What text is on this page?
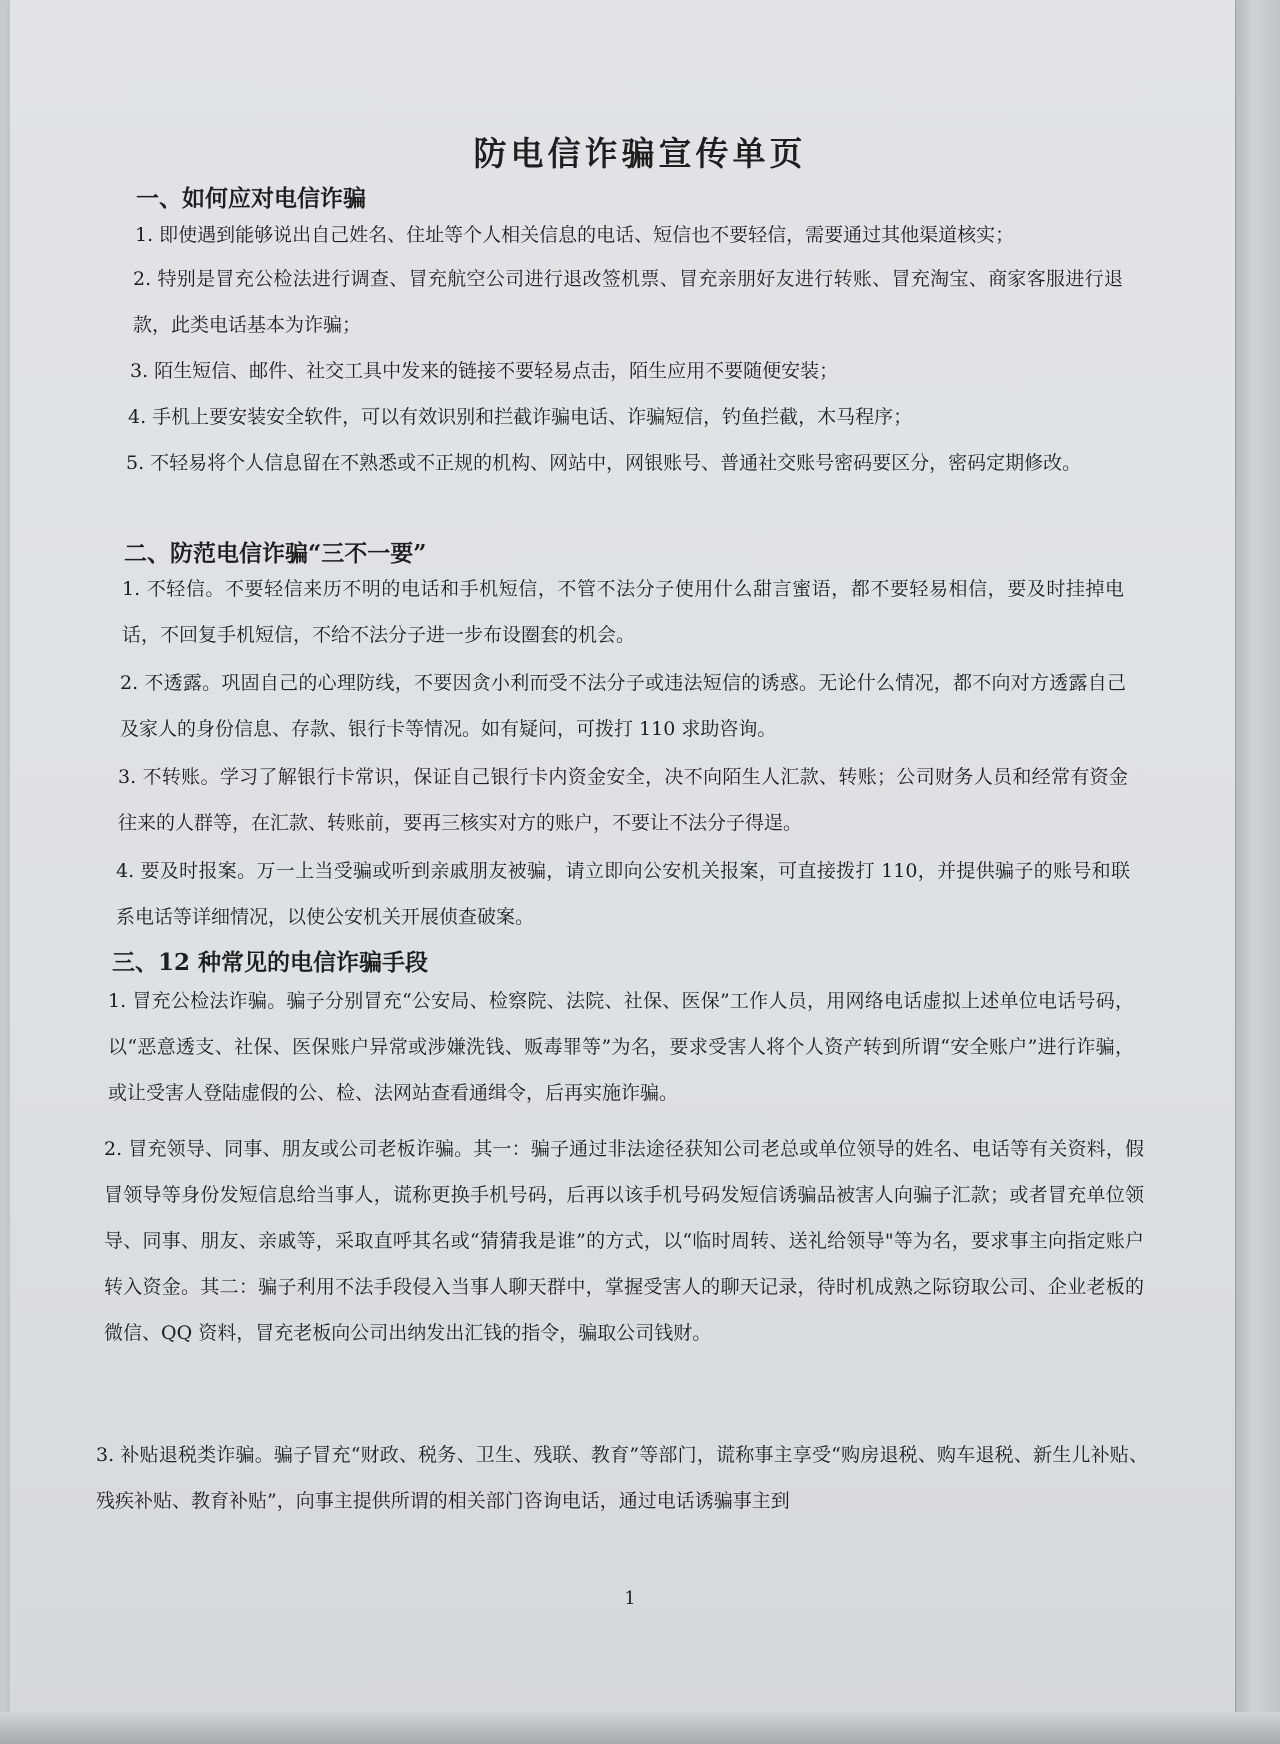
防电信诈骗宣传单页
一、如何应对电信诈骗
1. 即使遇到能够说出自己姓名、住址等个人相关信息的电话、短信也不要轻信，需要通过其他渠道核实；
2. 特别是冒充公检法进行调查、冒充航空公司进行退改签机票、冒充亲朋好友进行转账、冒充淘宝、商家客服进行退款，此类电话基本为诈骗；
3. 陌生短信、邮件、社交工具中发来的链接不要轻易点击，陌生应用不要随便安装；
4. 手机上要安装安全软件，可以有效识别和拦截诈骗电话、诈骗短信，钓鱼拦截，木马程序；
5. 不轻易将个人信息留在不熟悉或不正规的机构、网站中，网银账号、普通社交账号密码要区分，密码定期修改。
二、防范电信诈骗“三不一要”
1. 不轻信。不要轻信来历不明的电话和手机短信，不管不法分子使用什么甜言蜜语，都不要轻易相信，要及时挂掉电话，不回复手机短信，不给不法分子进一步布设圈套的机会。
2. 不透露。巩固自己的心理防线，不要因贪小利而受不法分子或违法短信的诱惑。无论什么情况，都不向对方透露自己及家人的身份信息、存款、银行卡等情况。如有疑问，可拨打 110 求助咨询。
3. 不转账。学习了解银行卡常识，保证自己银行卡内资金安全，决不向陌生人汇款、转账；公司财务人员和经常有资金往来的人群等，在汇款、转账前，要再三核实对方的账户，不要让不法分子得逞。
4. 要及时报案。万一上当受骗或听到亲戚朋友被骗，请立即向公安机关报案，可直接拨打 110，并提供骗子的账号和联系电话等详细情况，以使公安机关开展侦查破案。
三、12 种常见的电信诈骗手段
1. 冒充公检法诈骗。骗子分别冒充“公安局、检察院、法院、社保、医保”工作人员，用网络电话虚拟上述单位电话号码，以“恶意透支、社保、医保账户异常或涉嫌洗钱、贩毒罪等”为名，要求受害人将个人资产转到所谓“安全账户”进行诈骗，或让受害人登陆虚假的公、检、法网站查看通缉令，后再实施诈骗。
2. 冒充领导、同事、朋友或公司老板诈骗。其一：骗子通过非法途径获知公司老总或单位领导的姓名、电话等有关资料，假冒领导等身份发短信息给当事人，谎称更换手机号码，后再以该手机号码发短信诱骗品被害人向骗子汇款；或者冒充单位领导、同事、朋友、亲戚等，采取直呼其名或“猜猜我是谁”的方式，以“临时周转、送礼给领导"等为名，要求事主向指定账户转入资金。其二：骗子利用不法手段侵入当事人聊天群中，掌握受害人的聊天记录，待时机成熟之际窃取公司、企业老板的微信、QQ 资料，冒充老板向公司出纳发出汇钱的指令，骗取公司钱财。
3. 补贴退税类诈骗。骗子冒充“财政、税务、卫生、残联、教育”等部门，谎称事主享受“购房退税、购车退税、新生儿补贴、残疾补贴、教育补贴”，向事主提供所谓的相关部门咨询电话，通过电话诱骗事主到
1
